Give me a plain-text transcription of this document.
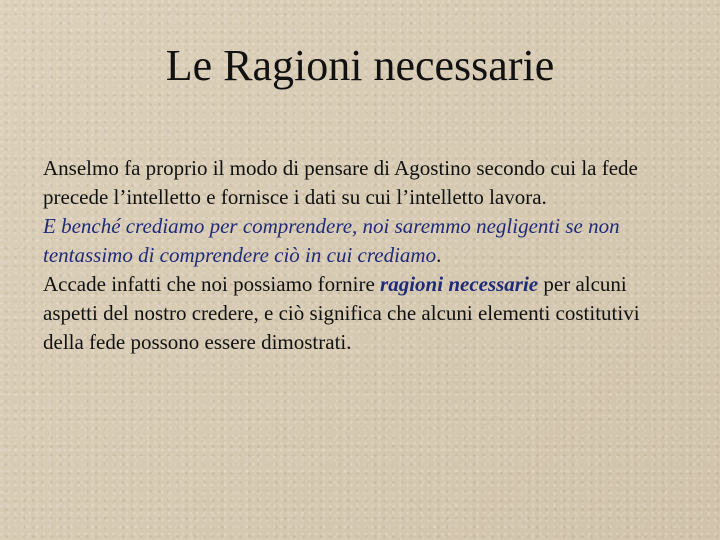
Le Ragioni necessarie

Anselmo fa proprio il modo di pensare di Agostino secondo cui la fede precede l’intelletto e fornisce i dati su cui l’intelletto lavora.

E benché crediamo per comprendere, noi saremmo negligenti se non tentassimo di comprendere ciò in cui crediamo.

Accade infatti che noi possiamo fornire ragioni necessarie per alcuni aspetti del nostro credere, e ciò significa che alcuni elementi costitutivi della fede possono essere dimostrati.
